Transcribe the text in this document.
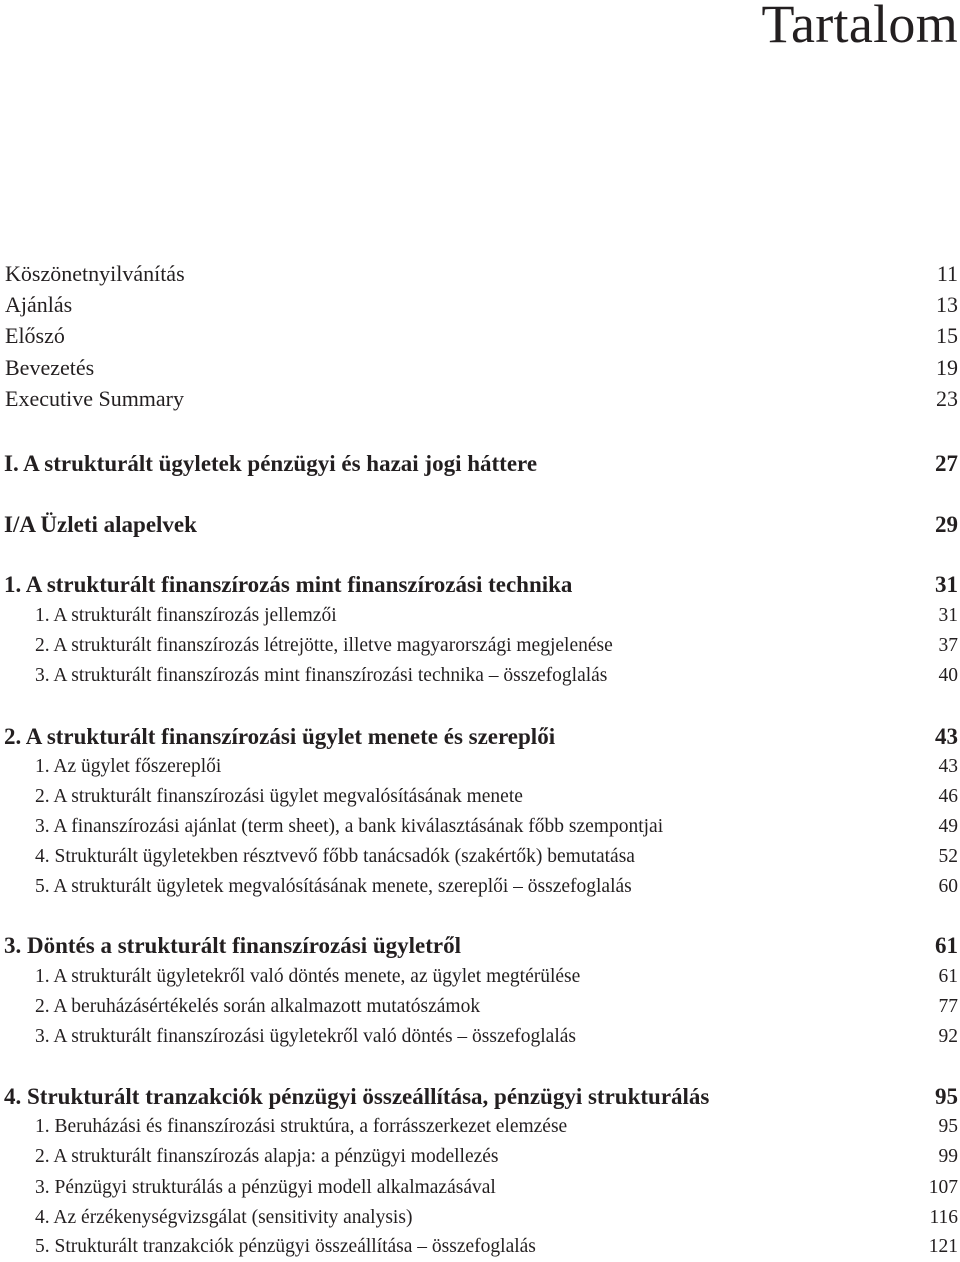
Tartalom
Köszönetnyilvánítás	11
Ajánlás	13
Előszó	15
Bevezetés	19
Executive Summary	23
I. A strukturált ügyletek pénzügyi és hazai jogi háttere	27
I/A Üzleti alapelvek	29
1. A strukturált finanszírozás mint finanszírozási technika	31
1. A strukturált finanszírozás jellemzői	31
2. A strukturált finanszírozás létrejötte, illetve magyarországi megjelenése	37
3. A strukturált finanszírozás mint finanszírozási technika – összefoglalás	40
2. A strukturált finanszírozási ügylet menete és szereplői	43
1. Az ügylet főszereplői	43
2. A strukturált finanszírozási ügylet megvalósításának menete	46
3. A finanszírozási ajánlat (term sheet), a bank kiválasztásának főbb szempontjai	49
4. Strukturált ügyletekben résztvevő főbb tanácsadók (szakértők) bemutatása	52
5. A strukturált ügyletek megvalósításának menete, szereplői – összefoglalás	60
3. Döntés a strukturált finanszírozási ügyletről	61
1. A strukturált ügyletekről való döntés menete, az ügylet megtérülése	61
2. A beruházásértékelés során alkalmazott mutatószámok	77
3. A strukturált finanszírozási ügyletekről való döntés – összefoglalás	92
4. Strukturált tranzakciók pénzügyi összeállítása, pénzügyi strukturálás	95
1. Beruházási és finanszírozási struktúra, a forrásszerkezet elemzése	95
2. A strukturált finanszírozás alapja: a pénzügyi modellezés	99
3. Pénzügyi strukturálás a pénzügyi modell alkalmazásával	107
4. Az érzékenységvizsgálat (sensitivity analysis)	116
5. Strukturált tranzakciók pénzügyi összeállítása – összefoglalás	121
